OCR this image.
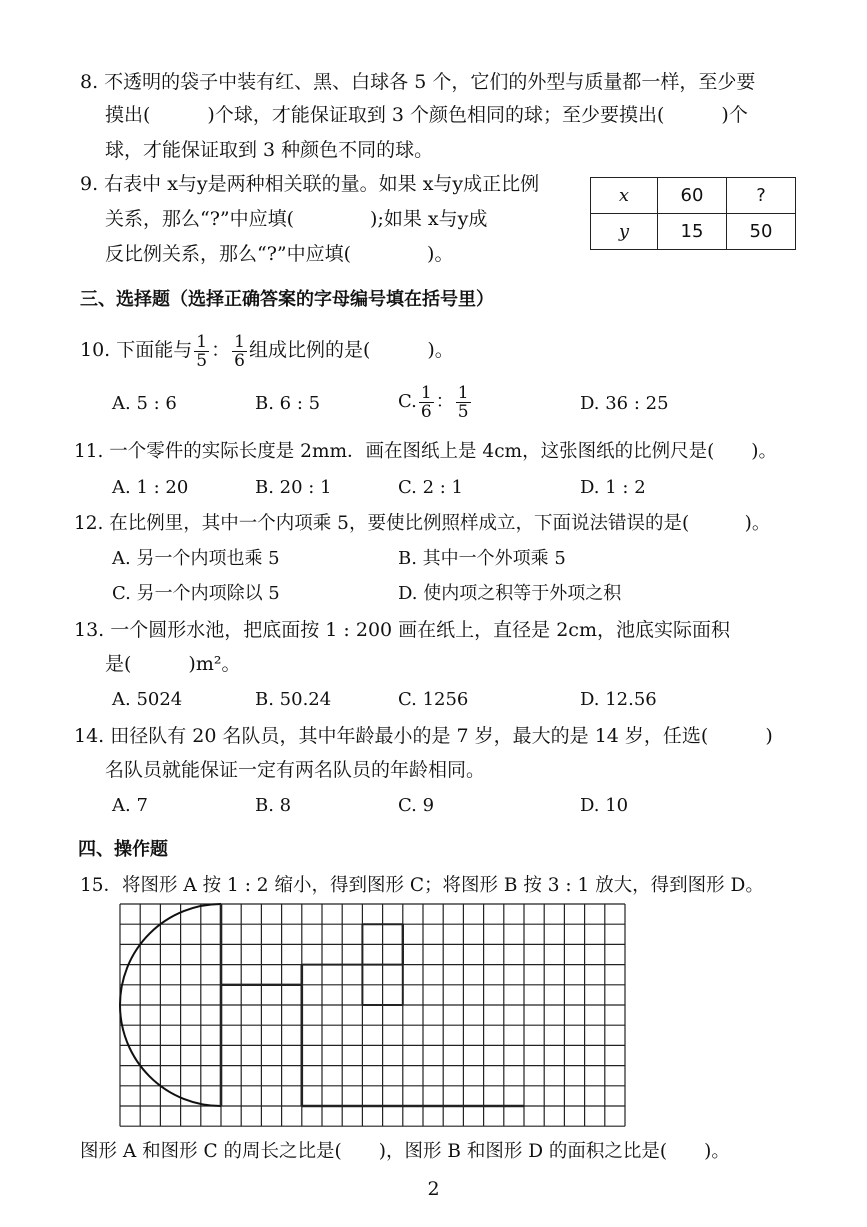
8. 不透明的袋子中装有红、黑、白球各 5 个，它们的外型与质量都一样，至少要
摸出(　　　)个球，才能保证取到 3 个颜色相同的球；至少要摸出(　　　)个
球，才能保证取到 3 种颜色不同的球。
9. 右表中 x与y是两种相关联的量。如果 x与y成正比例
关系，那么“?”中应填(　　　　);如果 x与y成
反比例关系，那么“?”中应填(　　　　)。
x	60	?
y	15	50
三、选择题（选择正确答案的字母编号填在括号里）
10. 下面能与 $\frac{1}{5}$ ： $\frac{1}{6}$ 组成比例的是(　　　)。
A. 5 : 6	B. 6 : 5	C. $\frac{1}{6}$ ： $\frac{1}{5}$	D. 36 : 25
11. 一个零件的实际长度是 2mm．画在图纸上是 4cm，这张图纸的比例尺是(　　)。
A. 1 : 20	B. 20 : 1	C. 2 : 1	D. 1 : 2
12. 在比例里，其中一个内项乘 5，要使比例照样成立，下面说法错误的是(　　　)。
A. 另一个内项也乘 5	B. 其中一个外项乘 5
C. 另一个内项除以 5	D. 使内项之积等于外项之积
13. 一个圆形水池，把底面按 1 : 200 画在纸上，直径是 2cm，池底实际面积
是(　　　)m²。
A. 5024	B. 50.24	C. 1256	D. 12.56
14. 田径队有 20 名队员，其中年龄最小的是 7 岁，最大的是 14 岁，任选(　　　)
名队员就能保证一定有两名队员的年龄相同。
A. 7	B. 8	C. 9	D. 10
四、操作题
15．将图形 A 按 1 : 2 缩小，得到图形 C；将图形 B 按 3 : 1 放大，得到图形 D。
图形 A 和图形 C 的周长之比是(　　)，图形 B 和图形 D 的面积之比是(　　)。
2
